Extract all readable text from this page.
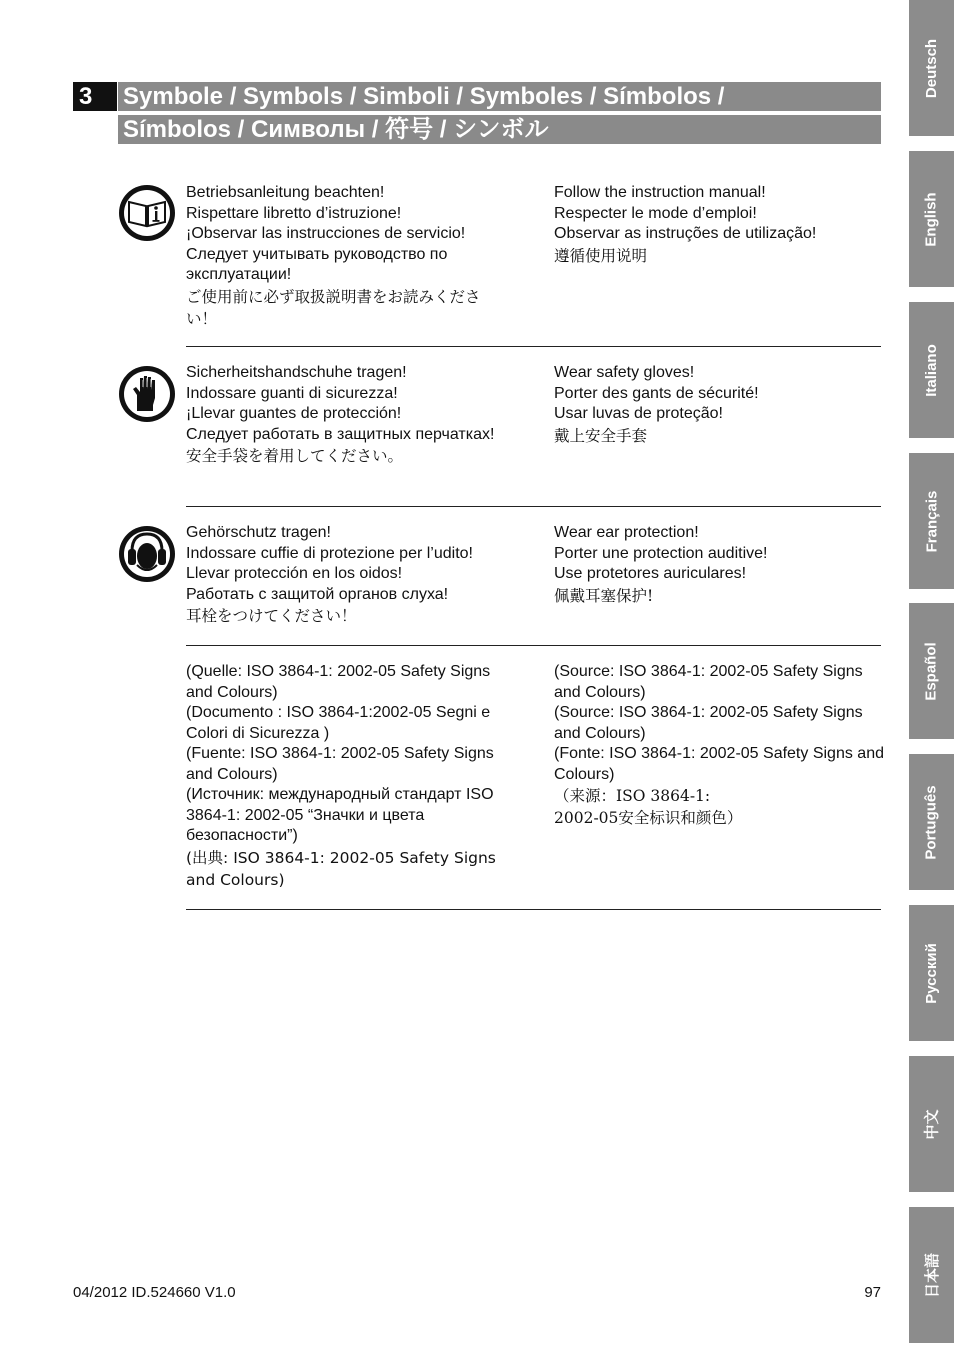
3	Symbole / Symbols / Simboli / Symboles / Símbolos /
Símbolos / Символы / 符号 / シンボル
Betriebsanleitung beachten!
Rispettare libretto d’istruzione!
¡Observar las instrucciones de servicio!
Следует учитывать руководство по эксплуатации!
ご使用前に必ず取扱説明書をお読みください！
Follow the instruction manual!
Respecter le mode d’emploi!
Observar as instruções de utilização!
遵循使用说明
Sicherheitshandschuhe tragen!
Indossare guanti di sicurezza!
¡Llevar guantes de protección!
Следует работать в защитных перчатках!
安全手袋を着用してください。
Wear safety gloves!
Porter des gants de sécurité!
Usar luvas de proteção!
戴上安全手套
Gehörschutz tragen!
Indossare cuffie di protezione per l’udito!
Llevar protección en los oidos!
Работать с защитой органов слуха!
耳栓をつけてください！
Wear ear protection!
Porter une protection auditive!
Use protetores auriculares!
佩戴耳塞保护!
(Quelle: ISO 3864-1: 2002-05 Safety Signs and Colours)
(Documento : ISO 3864-1:2002-05 Segni e Colori di Sicurezza )
(Fuente: ISO 3864-1: 2002-05 Safety Signs and Colours)
(Источник: международный стандарт ISO 3864-1: 2002-05 “Значки и цвета безопасности”)
(出典: ISO 3864-1: 2002-05 Safety Signs and Colours)
(Source: ISO 3864-1: 2002-05 Safety Signs and Colours)
(Source: ISO 3864-1: 2002-05 Safety Signs and Colours)
(Fonte: ISO 3864-1: 2002-05 Safety Signs and Colours)
（来源：ISO 3864-1: 2002-05安全标识和颜色）
Deutsch
English
Italiano
Français
Español
Português
Русский
中文
日本語
04/2012 ID.524660 V1.0	97
